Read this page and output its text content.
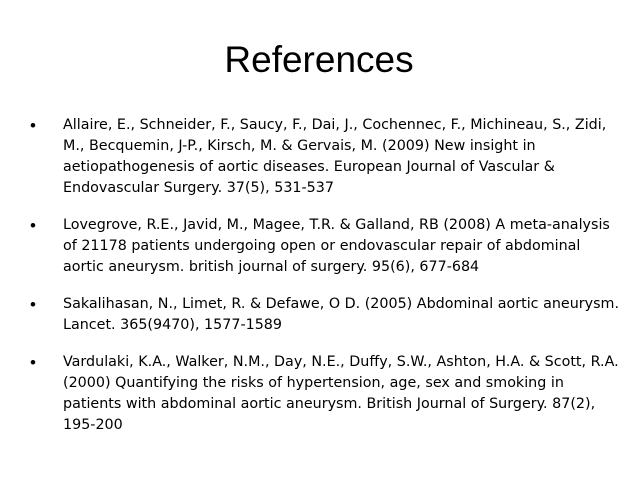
References
• Allaire, E., Schneider, F., Saucy, F., Dai, J., Cochennec, F., Michineau, S., Zidi, M., Becquemin, J-P., Kirsch, M. & Gervais, M. (2009) New insight in aetiopathogenesis of aortic diseases. European Journal of Vascular & Endovascular Surgery. 37(5), 531-537
• Lovegrove, R.E., Javid, M., Magee, T.R. & Galland, RB (2008) A meta-analysis of 21178 patients undergoing open or endovascular repair of abdominal aortic aneurysm. british journal of surgery. 95(6), 677-684
• Sakalihasan, N., Limet, R. & Defawe, O D. (2005) Abdominal aortic aneurysm. Lancet. 365(9470), 1577-1589
• Vardulaki, K.A., Walker, N.M., Day, N.E., Duffy, S.W., Ashton, H.A. & Scott, R.A. (2000) Quantifying the risks of hypertension, age, sex and smoking in patients with abdominal aortic aneurysm. British Journal of Surgery. 87(2), 195-200
